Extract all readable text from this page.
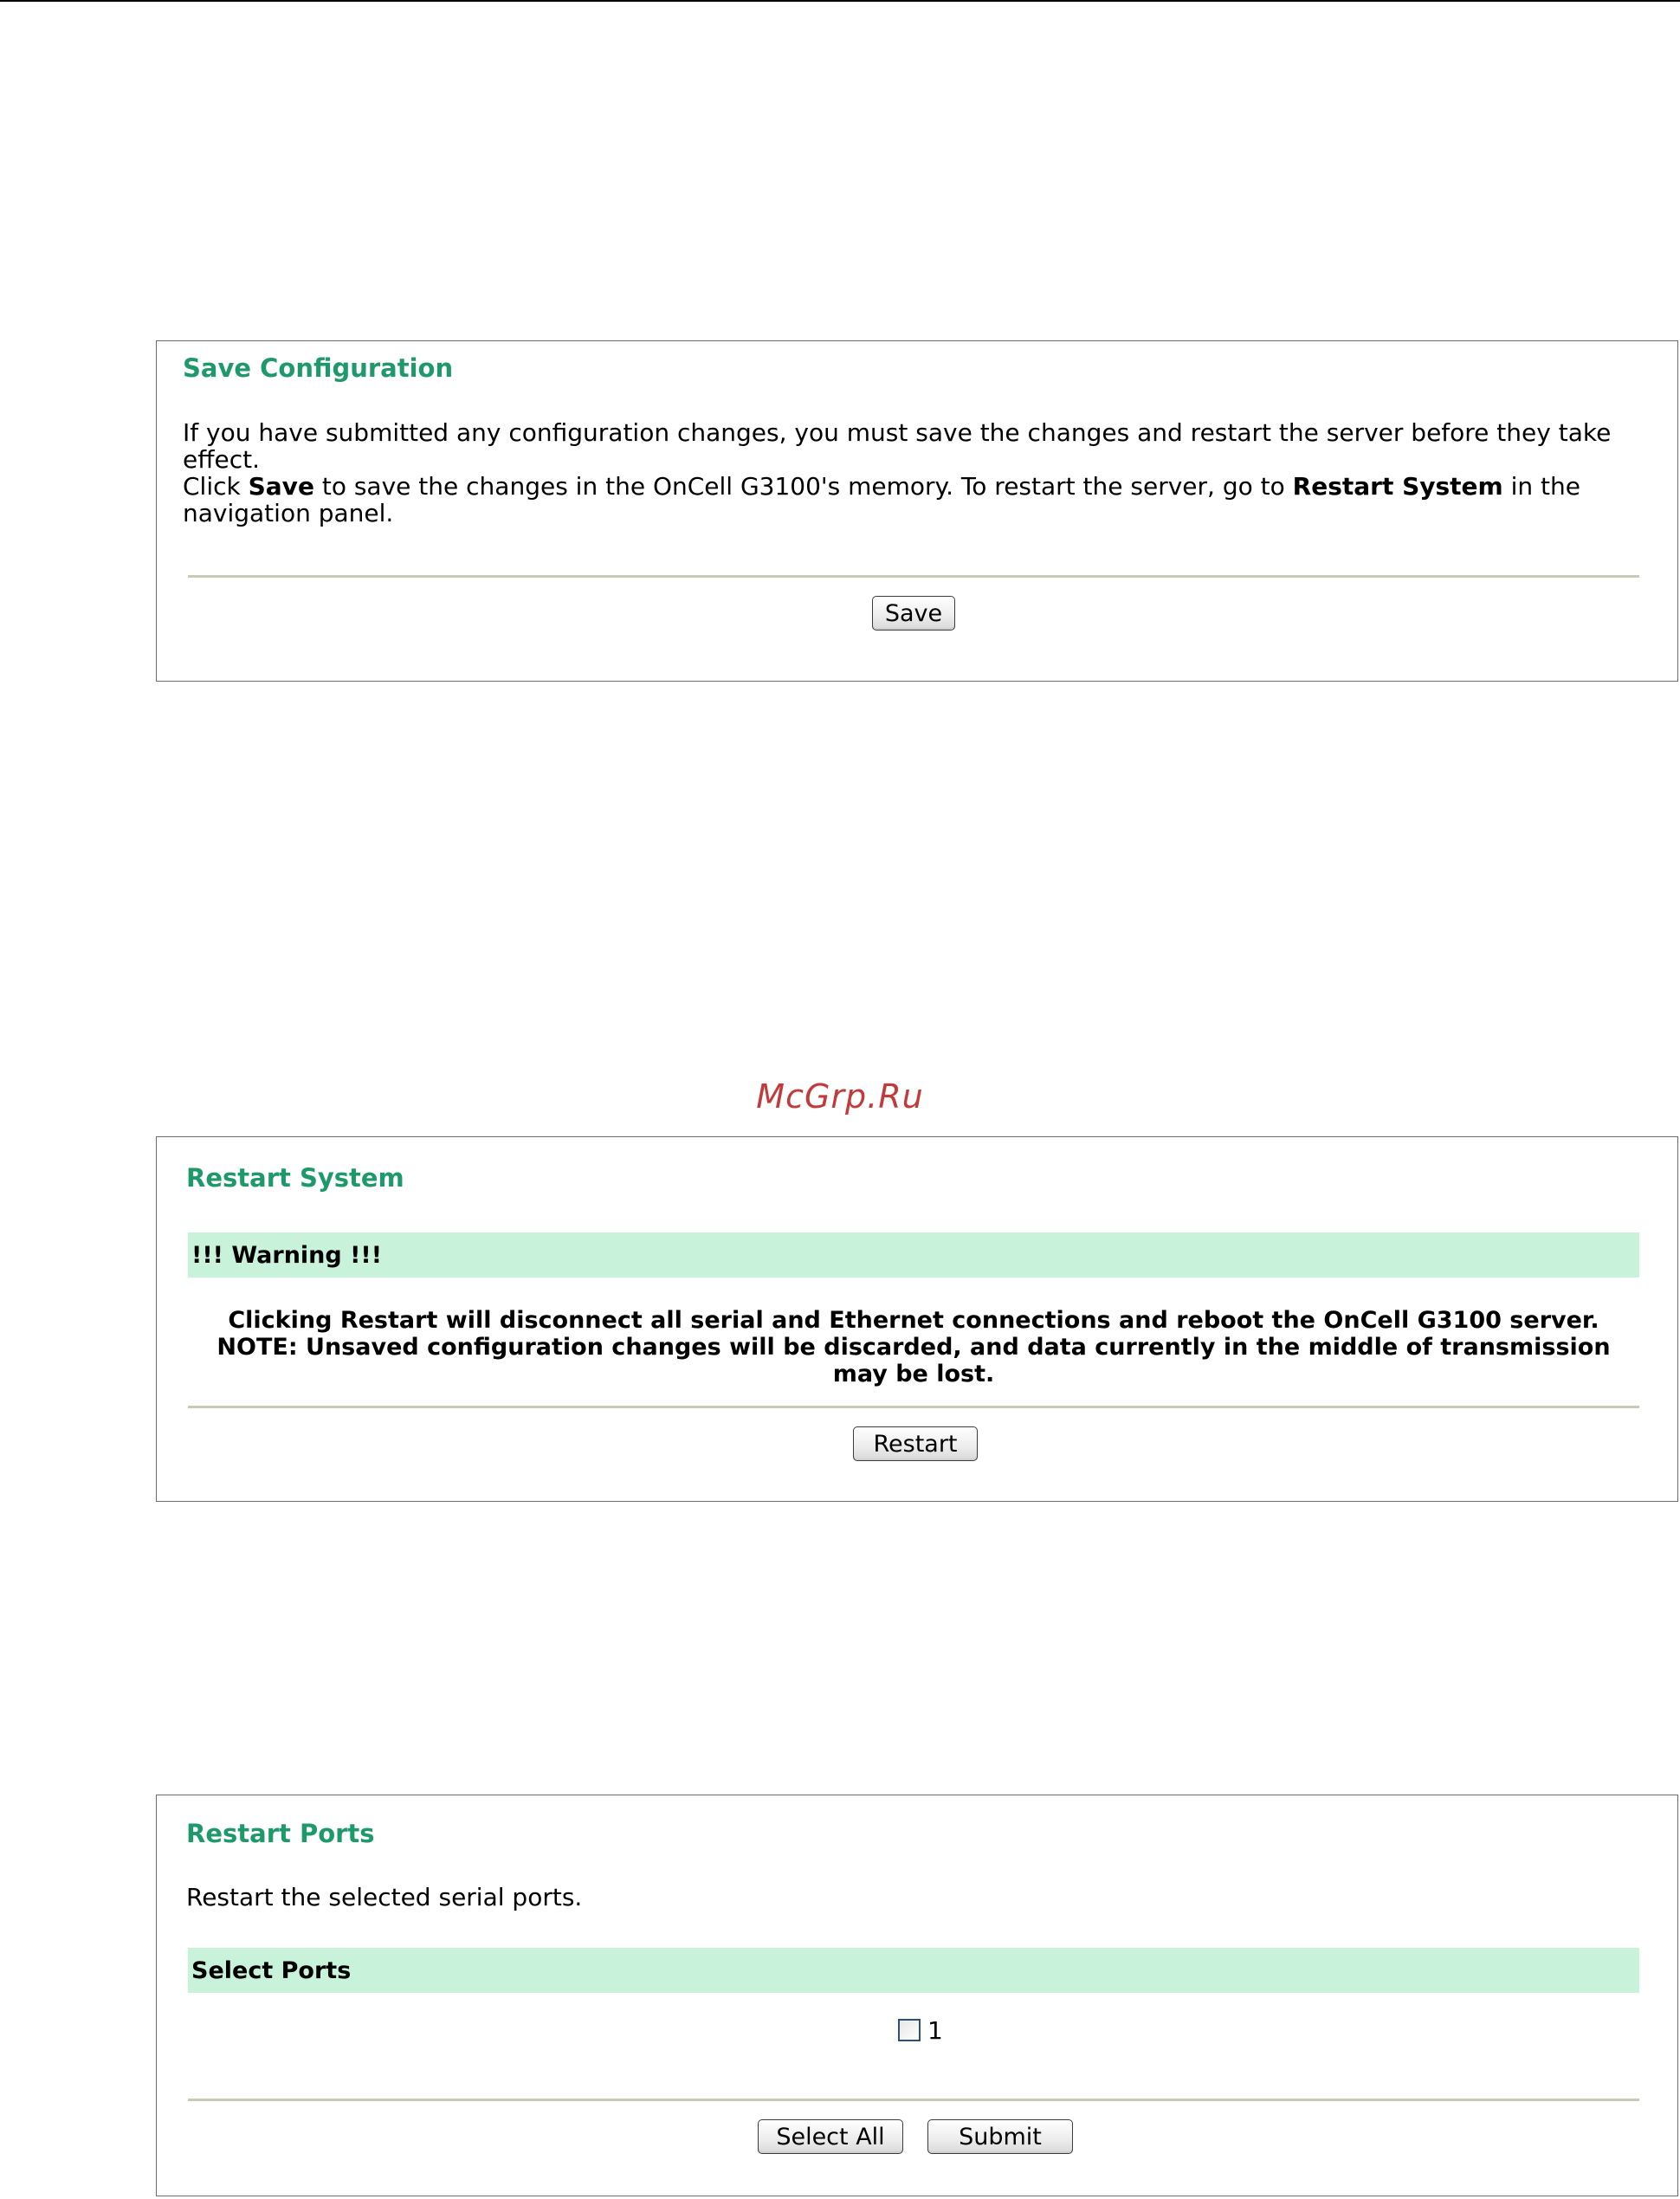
Save Configuration
If you have submitted any configuration changes, you must save the changes and restart the server before they take effect.
Click Save to save the changes in the OnCell G3100's memory. To restart the server, go to Restart System in the
navigation panel.
Save
McGrp.Ru
Restart System
!!! Warning !!!
Clicking Restart will disconnect all serial and Ethernet connections and reboot the OnCell G3100 server.
NOTE: Unsaved configuration changes will be discarded, and data currently in the middle of transmission may be lost.
Restart
Restart Ports
Restart the selected serial ports.
Select Ports
1
Select All	Submit
